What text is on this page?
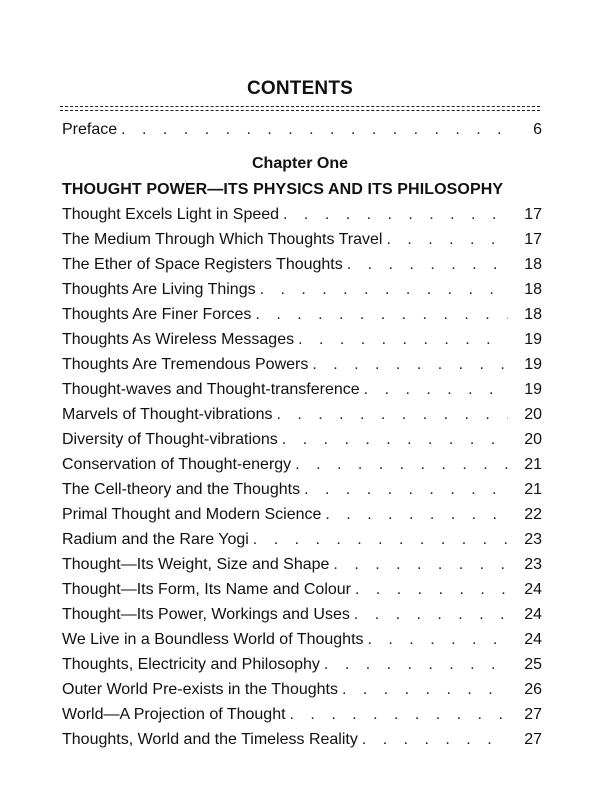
CONTENTS
Preface . . .	6
Chapter One
THOUGHT POWER—ITS PHYSICS AND ITS PHILOSOPHY
Thought Excels Light in Speed . . .	17
The Medium Through Which Thoughts Travel . . .	17
The Ether of Space Registers Thoughts . . .	18
Thoughts Are Living Things . . .	18
Thoughts Are Finer Forces . . .	18
Thoughts As Wireless Messages . . .	19
Thoughts Are Tremendous Powers . . .	19
Thought-waves and Thought-transference . . .	19
Marvels of Thought-vibrations . . .	20
Diversity of Thought-vibrations . . .	20
Conservation of Thought-energy . . .	21
The Cell-theory and the Thoughts . . .	21
Primal Thought and Modern Science . . .	22
Radium and the Rare Yogi . . .	23
Thought—Its Weight, Size and Shape . . .	23
Thought—Its Form, Its Name and Colour . . .	24
Thought—Its Power, Workings and Uses . . .	24
We Live in a Boundless World of Thoughts . . .	24
Thoughts, Electricity and Philosophy . . .	25
Outer World Pre-exists in the Thoughts . . .	26
World—A Projection of Thought . . .	27
Thoughts, World and the Timeless Reality . . .	27
